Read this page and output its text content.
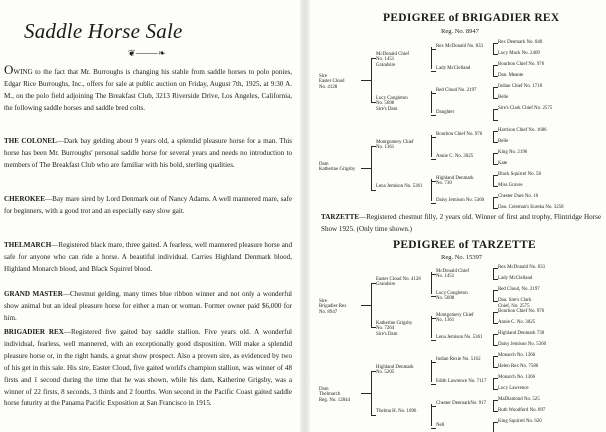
Saddle Horse Sale
❦⸻❧
OWING to the fact that Mr. Burroughs is changing his stable from saddle horses to polo ponies, Edgar Rice Burroughs, Inc., offers for sale at public auction on Friday, August 7th, 1925, at 9:30 A. M., on the polo field adjoining The Breakfast Club, 3213 Riverside Drive, Los Angeles, California, the following saddle horses and saddle bred colts.
THE COLONEL—Dark bay gelding about 9 years old, a splendid pleasure horse for a man. This horse has been Mr. Burroughs' personal saddle horse for several years and needs no introduction to members of The Breakfast Club who are familiar with his bold, sterling qualities.
CHEROKEE—Bay mare sired by Lord Denmark out of Nancy Adams. A well mannered mare, safe for beginners, with a good trot and an especially easy slow gait.
THELMARCH—Registered black mare, three gaited. A fearless, well mannered pleasure horse and safe for anyone who can ride a horse. A beautiful individual. Carries Highland Denmark blood, Highland Monarch blood, and Black Squirrel blood.
GRAND MASTER—Chestnut gelding, many times blue ribbon winner and not only a wonderful show animal but an ideal pleasure horse for either a man or woman. Former owner paid $6,000 for him.
BRIGADIER REX—Registered five gaited bay saddle stallion. Five years old. A wonderful individual, fearless, well mannered, with an exceptionally good disposition. Will make a splendid pleasure horse or, in the right hands, a great show prospect. Also a proven sire, as evidenced by two of his get in this sale. His sire, Easter Cloud, five gaited world's champion stallion, was winner of 48 firsts and 1 second during the time that he was shown, while his dam, Katherine Grigsby, was a winner of 22 firsts, 8 seconds, 3 thirds and 2 fourths. Won second in the Pacific Coast gaited saddle horse futurity at the Panama Pacific Exposition at San Francisco in 1915.
PEDIGREE of BRIGADIER REX
Reg. No. 8947
Sire
Easter Cloud
No. 4128
Dam
Katherine Grigsby
McDonald Chief
No. 1451
Grandsire
Lucy Congleton
No. 5698
Sire's Dam
Montgomery Chief
No. 1361
Lena Jemison No. 5361
Rex McDonald No. 833
Lady McClelland
Red Cloud No. 2197
Daughter
Bourbon Chief No. 976
Annie C. No. 3025
Highland Denmark
No. 730
Daisy Jemison No. 5360
Rex Denmark No. 840
Lucy Mack No. 2469
Bourbon Chief No. 976
Dan. Meante
Indian Chief No. 1718
Belle
Sire's Clark Chief No. 2575
Harrison Chief No. 1606
Belle
King No. 2196
Kate
Black Squirrel No. 58
Miss Graves
Chester Dare No. 10
Dau. Coleman's Eureka No. 3258
TARZETTE—Registered chestnut filly, 2 years old. Winner of first and trophy, Flintridge Horse Show 1925. (Only time shown.)
PEDIGREE of TARZETTE
Reg. No. 15397
Sire
Brigadier Rex
No. 8947
Dam
Thelmarch
Reg. No. 12844
Easter Cloud No. 4128
Grandsire
Katherine Grigsby
No. 7264
Sire's Dam
Highland Denmark
No. 5205
Thelma H. No. 1096
McDonald Chief
No. 1451
Lucy Congleton
No. 5698
Montgomery Chief
No. 1361
Lena Jemison No. 5361
Indian Rexie No. 5162
Edith Lawrence No. 7117
Chester DenmarkNo. 917
Nell
Rex McDonald No. 833
Lady McClelland
Red Cloud, No. 2197
Dau. Sire's Clark
Chief, No. 2575
Bourbon Chief No. 976
Annie C. No. 3025
Highland Denmark 730
Daisy Jemison No. 5360
Monarch No. 1366
Helen Rex No. 7586
Monarch No. 1366
Lucy Lawrence
MaDiamond No. 525
Ruth Woodford No. 897
King Squirrel No. 620
